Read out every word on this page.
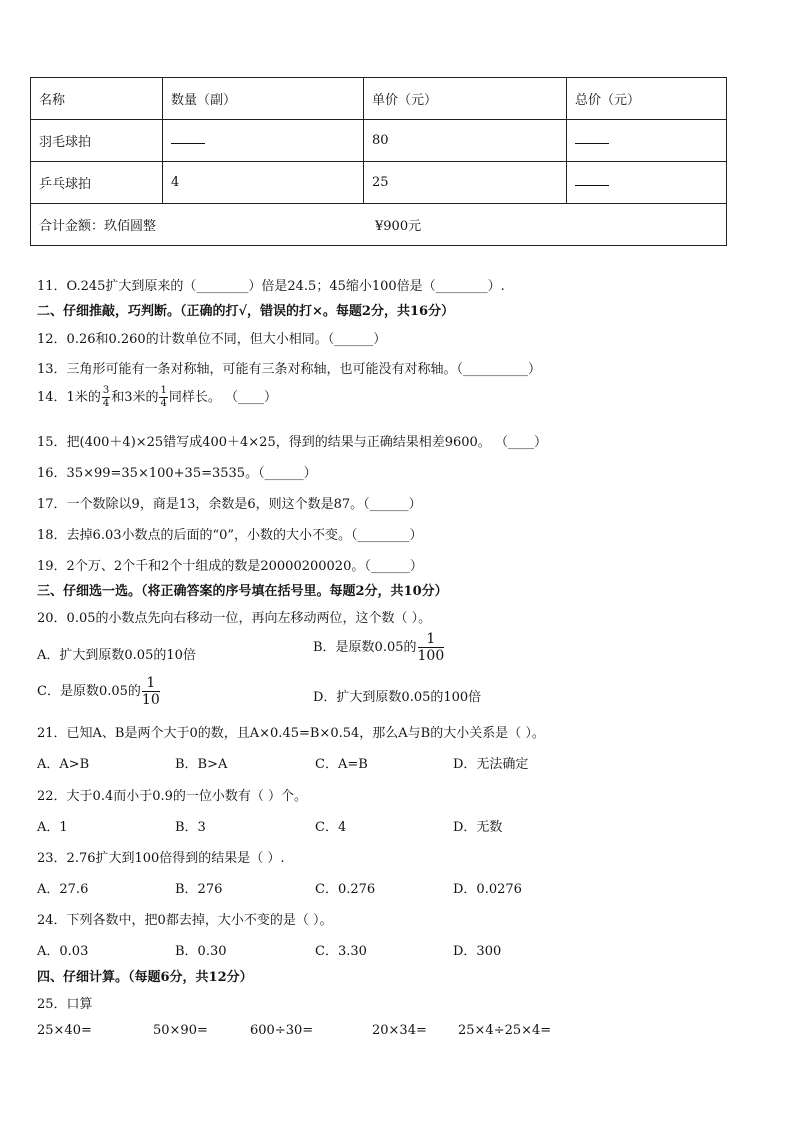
名称	数量（副）	单价（元）	总价（元）
羽毛球拍		80	
乒乓球拍	4	25	
合计金额：玖佰圆整 ¥900元			
11．O.245扩大到原来的（________）倍是24.5；45缩小100倍是（________）.
二、仔细推敲，巧判断。（正确的打√，错误的打×。每题2分，共16分）
12．0.26和0.260的计数单位不同，但大小相同。（______）
13．三角形可能有一条对称轴，可能有三条对称轴，也可能没有对称轴。（__________）
14．1米的 $\frac{3}{4}$ 和3米的 $\frac{1}{4}$ 同样长。 （____）
15．把(400＋4)×25错写成400＋4×25，得到的结果与正确结果相差9600。 （____）
16．35×99=35×100+35=3535。（______）
17．一个数除以9，商是13，余数是6，则这个数是87。（______）
18．去掉6.03小数点的后面的“0”，小数的大小不变。（________）
19．2个万、2个千和2个十组成的数是20000200020。（______）
三、仔细选一选。（将正确答案的序号填在括号里。每题2分，共10分）
20．0.05的小数点先向右移动一位，再向左移动两位，这个数（ ）。
A．扩大到原数0.05的10倍
B．是原数0.05的 $\frac{1}{100}$
C．是原数0.05的 $\frac{1}{10}$	D．扩大到原数0.05的100倍
21．已知A、B是两个大于0的数，且A×0.45=B×0.54，那么A与B的大小关系是（ ）。
A．A>B	B．B>A	C．A=B	D．无法确定
22．大于0.4而小于0.9的一位小数有（ ）个。
A．1	B．3	C．4	D．无数
23．2.76扩大到100倍得到的结果是（ ）.
A．27.6	B．276	C．0.276	D．0.0276
24．下列各数中，把0都去掉，大小不变的是（ ）。
A．0.03	B．0.30	C．3.30	D．300
四、仔细计算。（每题6分，共12分）
25．口算
25×40=	50×90=	600÷30=	20×34= 25×4÷25×4=
